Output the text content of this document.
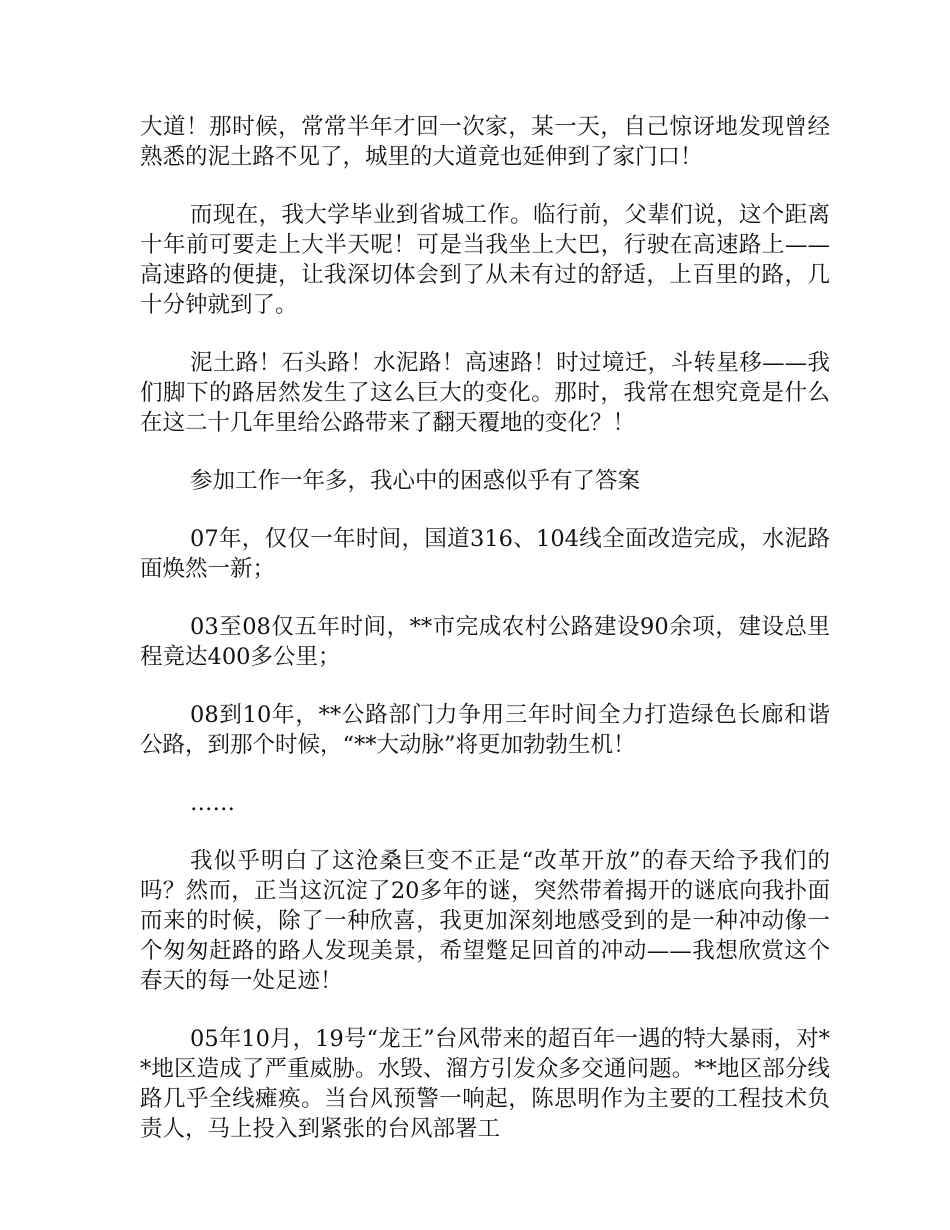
大道！那时候，常常半年才回一次家，某一天，自己惊讶地发现曾经熟悉的泥土路不见了，城里的大道竟也延伸到了家门口！

而现在，我大学毕业到省城工作。临行前，父辈们说，这个距离十年前可要走上大半天呢！可是当我坐上大巴，行驶在高速路上——高速路的便捷，让我深切体会到了从未有过的舒适，上百里的路，几十分钟就到了。

泥土路！石头路！水泥路！高速路！时过境迁，斗转星移——我们脚下的路居然发生了这么巨大的变化。那时，我常在想究竟是什么在这二十几年里给公路带来了翻天覆地的变化？！

参加工作一年多，我心中的困惑似乎有了答案

07年，仅仅一年时间，国道316、104线全面改造完成，水泥路面焕然一新；

03至08仅五年时间，**市完成农村公路建设90余项，建设总里程竟达400多公里；

08到10年，**公路部门力争用三年时间全力打造绿色长廊和谐公路，到那个时候，“**大动脉”将更加勃勃生机！

……

我似乎明白了这沧桑巨变不正是“改革开放”的春天给予我们的吗？然而，正当这沉淀了20多年的谜，突然带着揭开的谜底向我扑面而来的时候，除了一种欣喜，我更加深刻地感受到的是一种冲动像一个匆匆赶路的路人发现美景，希望蹩足回首的冲动——我想欣赏这个春天的每一处足迹！

05年10月，19号“龙王”台风带来的超百年一遇的特大暴雨，对**地区造成了严重威胁。水毁、溜方引发众多交通问题。**地区部分线路几乎全线瘫痪。当台风预警一响起，陈思明作为主要的工程技术负责人，马上投入到紧张的台风部署工
